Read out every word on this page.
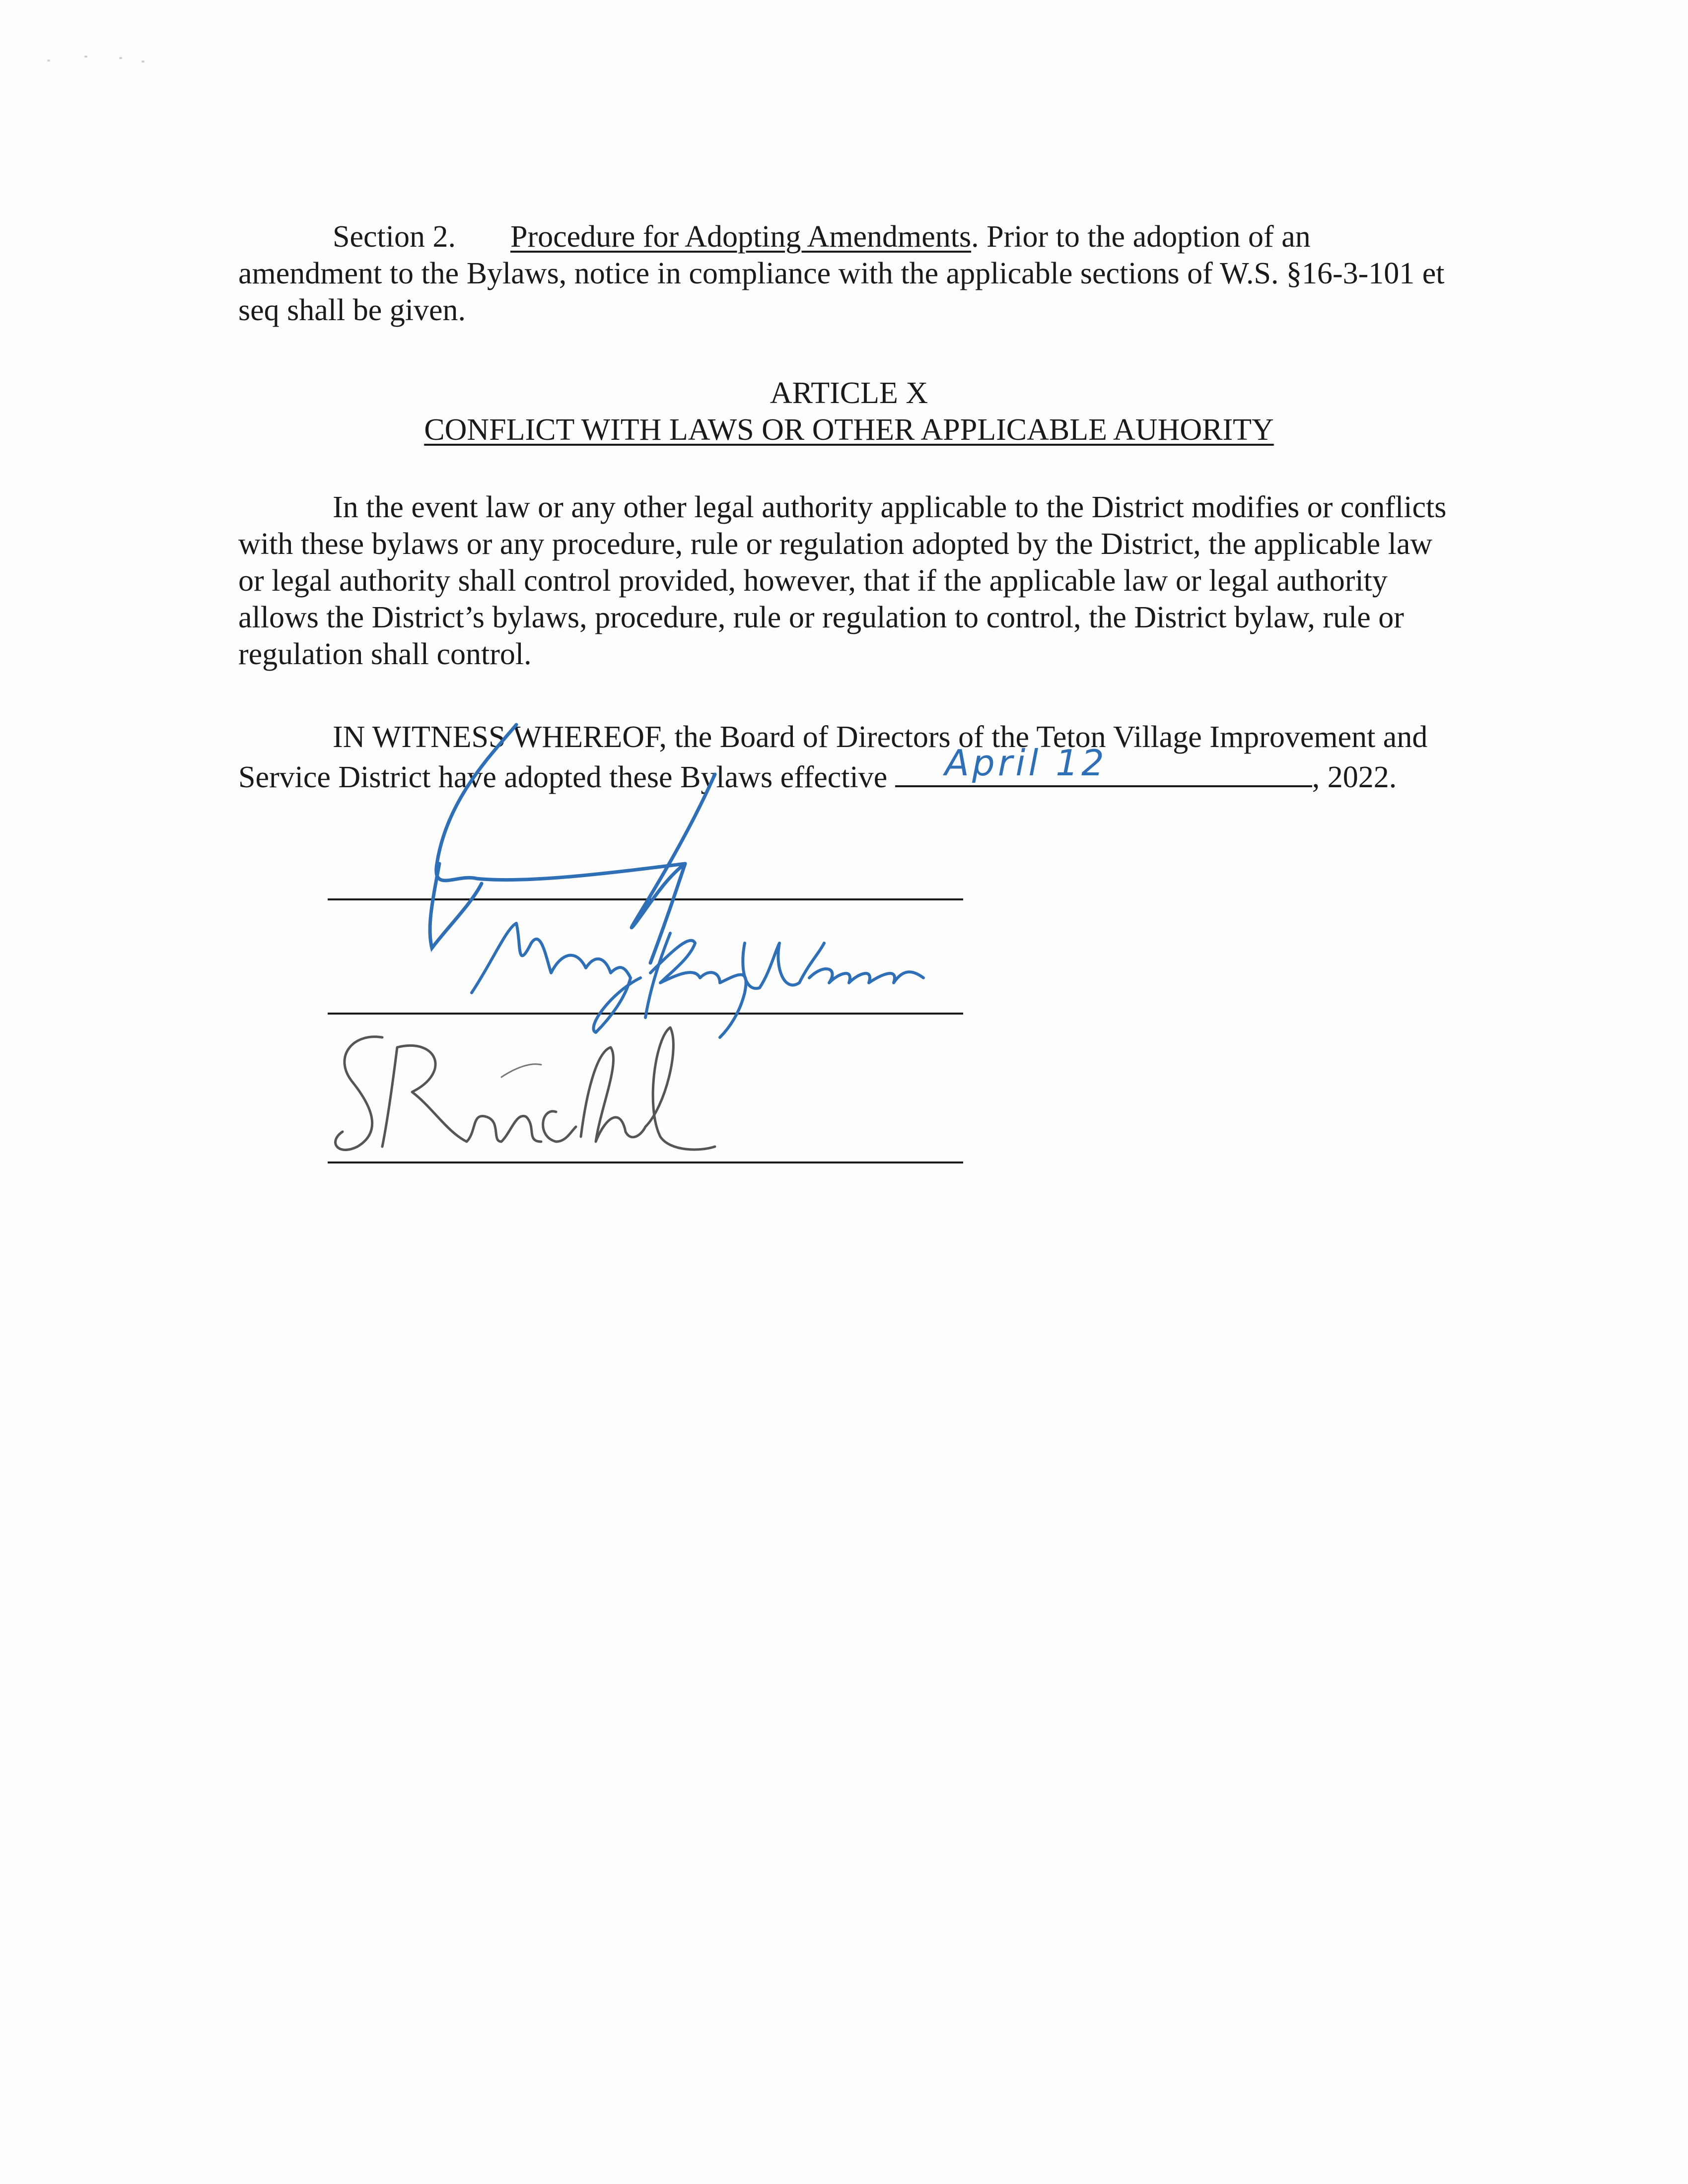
Section 2. Procedure for Adopting Amendments. Prior to the adoption of an amendment to the Bylaws, notice in compliance with the applicable sections of W.S. §16-3-101 et seq shall be given.
ARTICLE X
CONFLICT WITH LAWS OR OTHER APPLICABLE AUHORITY
In the event law or any other legal authority applicable to the District modifies or conflicts with these bylaws or any procedure, rule or regulation adopted by the District, the applicable law or legal authority shall control provided, however, that if the applicable law or legal authority allows the District’s bylaws, procedure, rule or regulation to control, the District bylaw, rule or regulation shall control.
IN WITNESS WHEREOF, the Board of Directors of the Teton Village Improvement and Service District have adopted these Bylaws effective April 12	, 2022.
